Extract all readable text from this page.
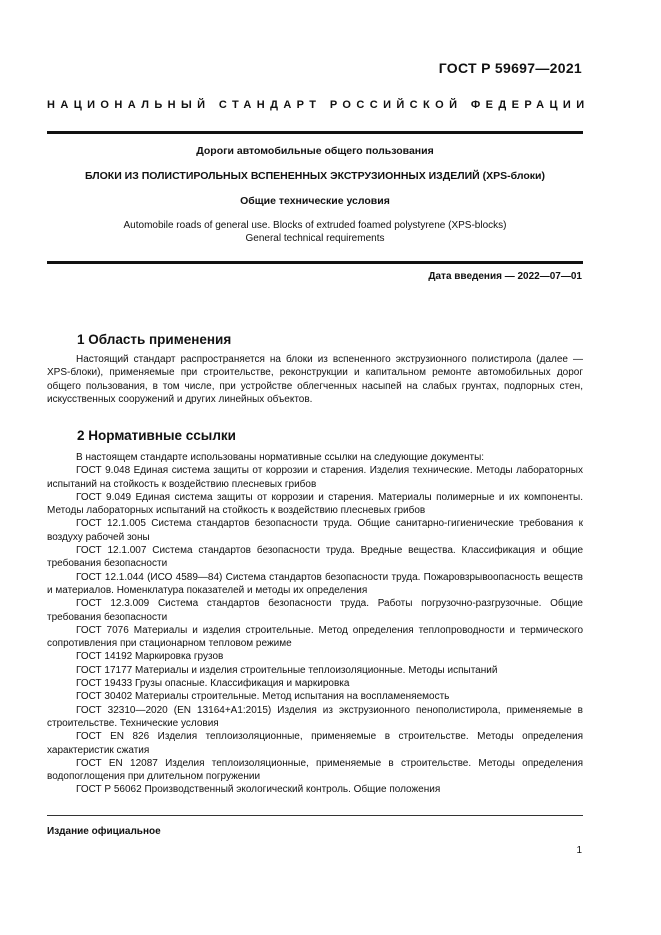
ГОСТ Р 59697—2021
НАЦИОНАЛЬНЫЙ СТАНДАРТ РОССИЙСКОЙ ФЕДЕРАЦИИ
Дороги автомобильные общего пользования
БЛОКИ ИЗ ПОЛИСТИРОЛЬНЫХ ВСПЕНЕННЫХ ЭКСТРУЗИОННЫХ ИЗДЕЛИЙ (XPS-блоки)
Общие технические условия
Automobile roads of general use. Blocks of extruded foamed polystyrene (XPS-blocks)
General technical requirements
Дата введения — 2022—07—01
1 Область применения

Настоящий стандарт распространяется на блоки из вспененного экструзионного полистирола (далее — XPS-блоки), применяемые при строительстве, реконструкции и капитальном ремонте автомобильных дорог общего пользования, в том числе, при устройстве облегченных насыпей на слабых грунтах, подпорных стен, искусственных сооружений и других линейных объектов.

2 Нормативные ссылки

В настоящем стандарте использованы нормативные ссылки на следующие документы:

ГОСТ 9.048 Единая система защиты от коррозии и старения. Изделия технические. Методы лабораторных испытаний на стойкость к воздействию плесневых грибов

ГОСТ 9.049 Единая система защиты от коррозии и старения. Материалы полимерные и их компоненты. Методы лабораторных испытаний на стойкость к воздействию плесневых грибов

ГОСТ 12.1.005 Система стандартов безопасности труда. Общие санитарно-гигиенические требования к воздуху рабочей зоны

ГОСТ 12.1.007 Система стандартов безопасности труда. Вредные вещества. Классификация и общие требования безопасности

ГОСТ 12.1.044 (ИСО 4589—84) Система стандартов безопасности труда. Пожаровзрывоопасность веществ и материалов. Номенклатура показателей и методы их определения

ГОСТ 12.3.009 Система стандартов безопасности труда. Работы погрузочно-разгрузочные. Общие требования безопасности

ГОСТ 7076 Материалы и изделия строительные. Метод определения теплопроводности и термического сопротивления при стационарном тепловом режиме

ГОСТ 14192 Маркировка грузов

ГОСТ 17177 Материалы и изделия строительные теплоизоляционные. Методы испытаний

ГОСТ 19433 Грузы опасные. Классификация и маркировка

ГОСТ 30402 Материалы строительные. Метод испытания на воспламеняемость

ГОСТ 32310—2020 (EN 13164+A1:2015) Изделия из экструзионного пенополистирола, применяемые в строительстве. Технические условия

ГОСТ EN 826 Изделия теплоизоляционные, применяемые в строительстве. Методы определения характеристик сжатия

ГОСТ EN 12087 Изделия теплоизоляционные, применяемые в строительстве. Методы определения водопоглощения при длительном погружении

ГОСТ Р 56062 Производственный экологический контроль. Общие положения

Издание официальное
1
